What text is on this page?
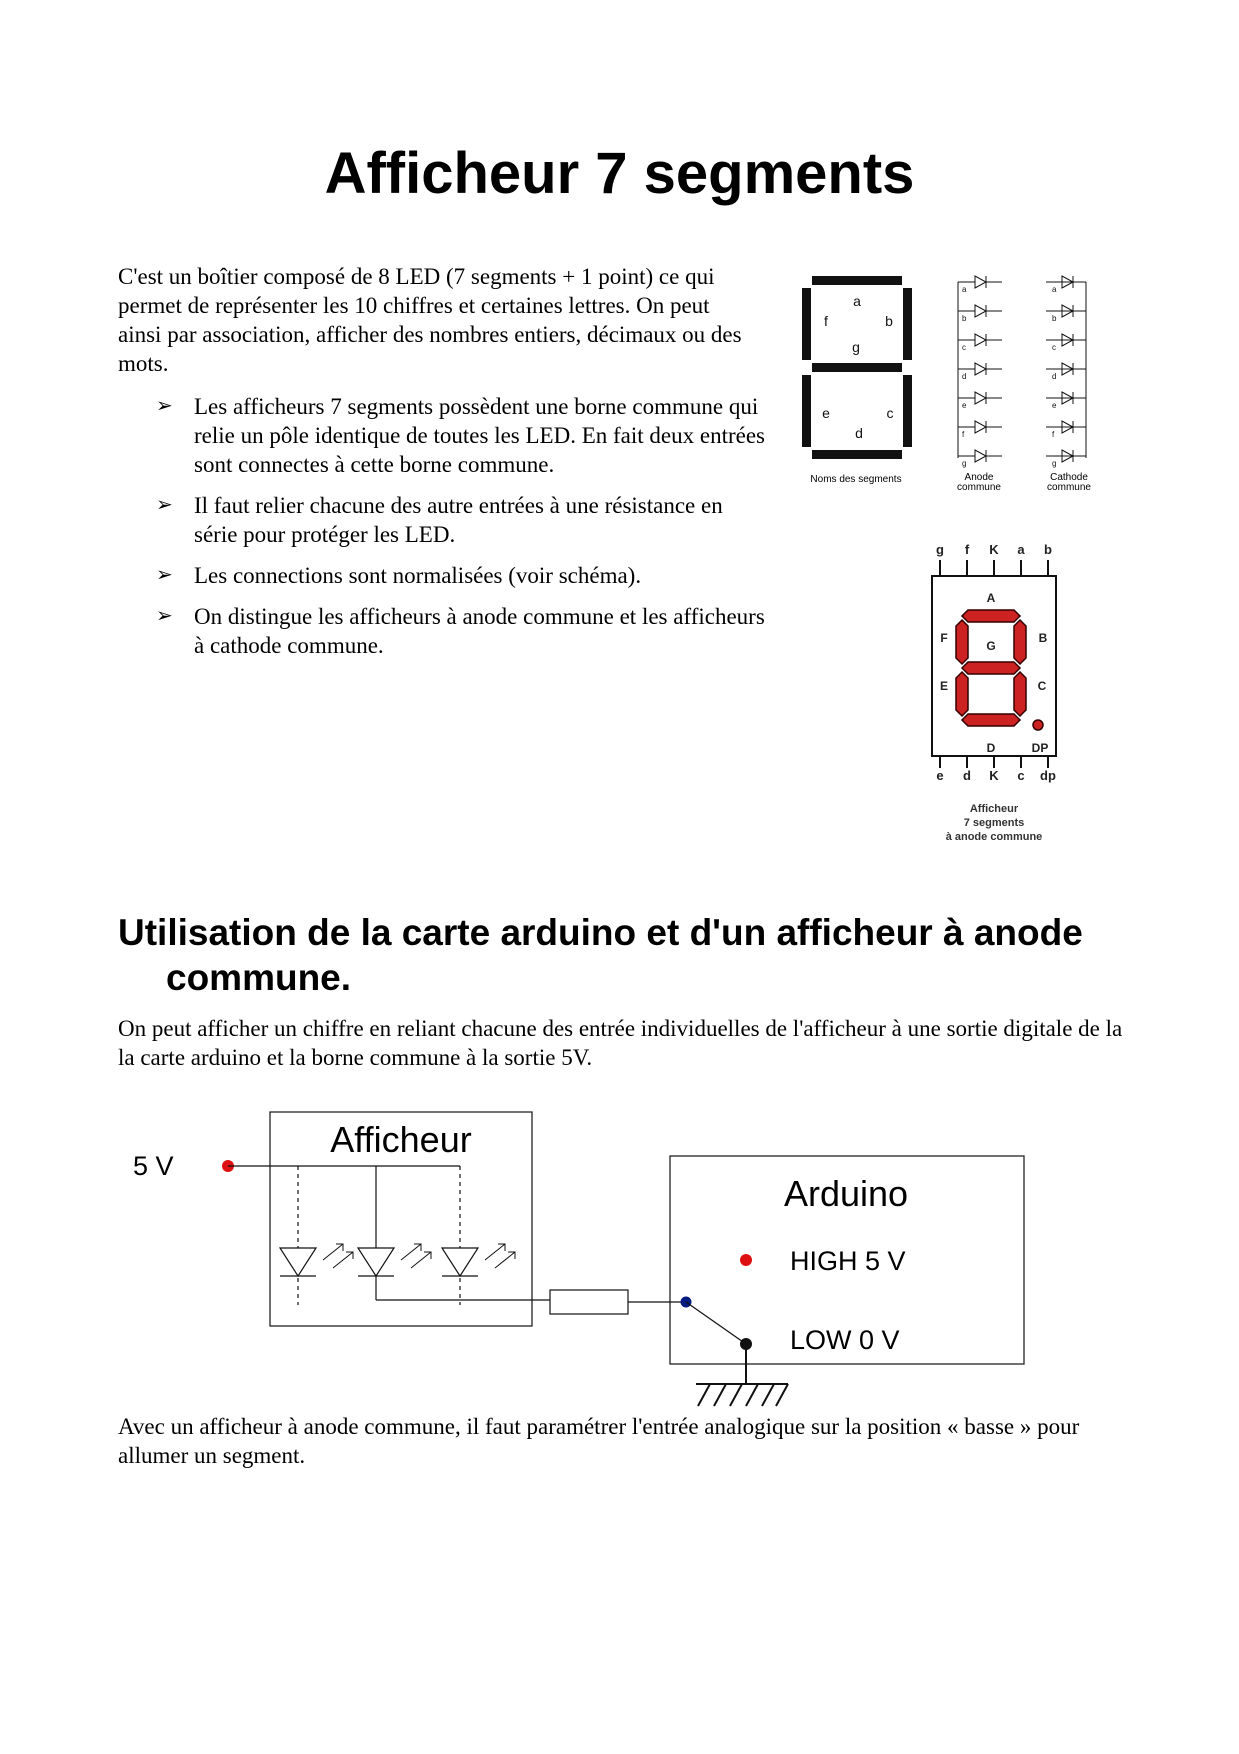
Afficheur 7 segments

C'est un boîtier composé de 8 LED (7 segments + 1 point) ce qui permet de représenter les 10 chiffres et certaines lettres. On peut ainsi par association, afficher des nombres entiers, décimaux ou des mots.

➢ Les afficheurs 7 segments possèdent une borne commune qui relie un pôle identique de toutes les LED. En fait deux entrées sont connectes à cette borne commune.
➢ Il faut relier chacune des autre entrées à une résistance en série pour protéger les LED.
➢ Les connections sont normalisées (voir schéma).
➢ On distingue les afficheurs à anode commune et les afficheurs à cathode commune.
a
f	b
g
e	c
d
Noms des segments
a
b
c
d
e
f
g
Anode
commune
a
b
c
d
e
f
g
Cathode
commune
g f K a b
A
B
C
D
E
F
G
DP
e d K c dp
Afficheur
7 segments
à anode commune
Utilisation de la carte arduino et d'un afficheur à anode commune.

On peut afficher un chiffre en reliant chacune des entrée individuelles de l'afficheur à une sortie digitale de la la carte arduino et la borne commune à la sortie 5V.

5 V
Afficheur
Arduino
HIGH 5 V
LOW 0 V

Avec un afficheur à anode commune, il faut paramétrer l'entrée analogique sur la position « basse » pour allumer un segment.
